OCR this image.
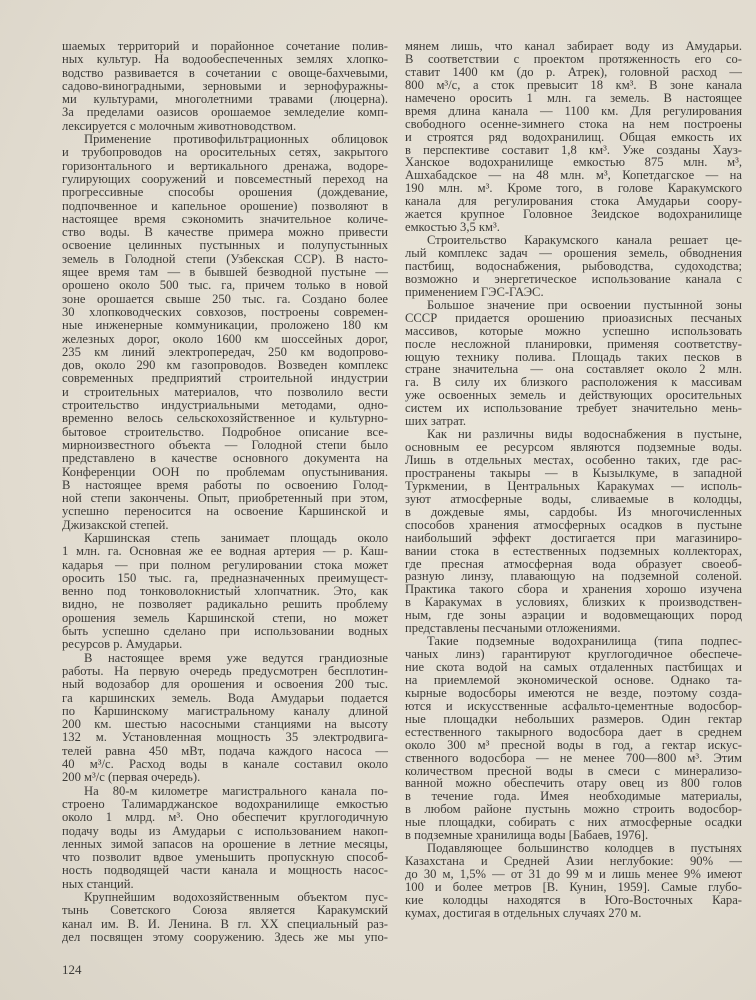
шаемых территорий и порайонное сочетание полив-
ных культур. На водообеспеченных землях хлопко-
водство развивается в сочетании с овоще-бахчевыми,
садово-виноградными, зерновыми и зернофуражны-
ми культурами, многолетними травами (люцерна).
За пределами оазисов орошаемое земледелие комп-
лексируется с молочным животноводством.
Применение противофильтрационных облицовок
и трубопроводов на оросительных сетях, закрытого
горизонтального и вертикального дренажа, водоре-
гулирующих сооружений и повсеместный переход на
прогрессивные способы орошения (дождевание,
подпочвенное и капельное орошение) позволяют в
настоящее время сэкономить значительное количе-
ство воды. В качестве примера можно привести
освоение целинных пустынных и полупустынных
земель в Голодной степи (Узбекская ССР). В насто-
ящее время там — в бывшей безводной пустыне —
орошено около 500 тыс. га, причем только в новой
зоне орошается свыше 250 тыс. га. Создано более
30 хлопководческих совхозов, построены современ-
ные инженерные коммуникации, проложено 180 км
железных дорог, около 1600 км шоссейных дорог,
235 км линий электропередач, 250 км водопрово-
дов, около 290 км газопроводов. Возведен комплекс
современных предприятий строительной индустрии
и строительных материалов, что позволило вести
строительство индустриальными методами, одно-
временно велось сельскохозяйственное и культурно-
бытовое строительство. Подробное описание все-
мирноизвестного объекта — Голодной степи было
представлено в качестве основного документа на
Конференции ООН по проблемам опустынивания.
В настоящее время работы по освоению Голод-
ной степи закончены. Опыт, приобретенный при этом,
успешно переносится на освоение Каршинской и
Джизакской степей.
Каршинская степь занимает площадь около
1 млн. га. Основная же ее водная артерия — р. Каш-
кадарья — при полном регулировании стока может
оросить 150 тыс. га, предназначенных преимущест-
венно под тонковолокнистый хлопчатник. Это, как
видно, не позволяет радикально решить проблему
орошения земель Каршинской степи, но может
быть успешно сделано при использовании водных
ресурсов р. Амударьи.
В настоящее время уже ведутся грандиозные
работы. На первую очередь предусмотрен бесплотин-
ный водозабор для орошения и освоения 200 тыс.
га каршинских земель. Вода Амударьи подается
по Каршинскому магистральному каналу длиной
200 км. шестью насосными станциями на высоту
132 м. Установленная мощность 35 электродвига-
телей равна 450 мВт, подача каждого насоса —
40 м³/с. Расход воды в канале составил около
200 м³/с (первая очередь).
На 80-м километре магистрального канала по-
строено Талимарджанское водохранилище емкостью
около 1 млрд. м³. Оно обеспечит круглогодичную
подачу воды из Амударьи с использованием накоп-
ленных зимой запасов на орошение в летние месяцы,
что позволит вдвое уменьшить пропускную способ-
ность подводящей части канала и мощность насос-
ных станций.
Крупнейшим водохозяйственным объектом пус-
тынь Советского Союза является Каракумский
канал им. В. И. Ленина. В гл. XX специальный раз-
дел посвящен этому сооружению. Здесь же мы упо-
мянем лишь, что канал забирает воду из Амударьи.
В соответствии с проектом протяженность его со-
ставит 1400 км (до р. Атрек), головной расход —
800 м³/с, а сток превысит 18 км³. В зоне канала
намечено оросить 1 млн. га земель. В настоящее
время длина канала — 1100 км. Для регулирования
свободного осенне-зимнего стока на нем построены
и строятся ряд водохранилищ. Общая емкость их
в перспективе составит 1,8 км³. Уже созданы Хауз-
Ханское водохранилище емкостью 875 млн. м³,
Ашхабадское — на 48 млн. м³, Копетдагское — на
190 млн. м³. Кроме того, в голове Каракумского
канала для регулирования стока Амударьи соору-
жается крупное Головное Зеидское водохранилище
емкостью 3,5 км³.
Строительство Каракумского канала решает це-
лый комплекс задач — орошения земель, обводнения
пастбищ, водоснабжения, рыбоводства, судоходства;
возможно и энергетическое использование канала с
применением ГЭС-ГАЭС.
Большое значение при освоении пустынной зоны
СССР придается орошению приоазисных песчаных
массивов, которые можно успешно использовать
после несложной планировки, применяя соответству-
ющую технику полива. Площадь таких песков в
стране значительна — она составляет около 2 млн.
га. В силу их близкого расположения к массивам
уже освоенных земель и действующих оросительных
систем их использование требует значительно мень-
ших затрат.
Как ни различны виды водоснабжения в пустыне,
основным ее ресурсом являются подземные воды.
Лишь в отдельных местах, особенно таких, где рас-
пространены такыры — в Кызылкуме, в западной
Туркмении, в Центральных Каракумах — исполь-
зуют атмосферные воды, сливаемые в колодцы,
в дождевые ямы, сардобы. Из многочисленных
способов хранения атмосферных осадков в пустыне
наибольший эффект достигается при магазиниро-
вании стока в естественных подземных коллекторах,
где пресная атмосферная вода образует своеоб-
разную линзу, плавающую на подземной соленой.
Практика такого сбора и хранения хорошо изучена
в Каракумах в условиях, близких к производствен-
ным, где зоны аэрации и водовмещающих пород
представлены песчаными отложениями.
Такие подземные водохранилища (типа подпес-
чаных линз) гарантируют круглогодичное обеспече-
ние скота водой на самых отдаленных пастбищах и
на приемлемой экономической основе. Однако та-
кырные водосборы имеются не везде, поэтому созда-
ются и искусственные асфальто-цементные водосбор-
ные площадки небольших размеров. Один гектар
естественного такырного водосбора дает в среднем
около 300 м³ пресной воды в год, а гектар искус-
ственного водосбора — не менее 700—800 м³. Этим
количеством пресной воды в смеси с минерализо-
ванной можно обеспечить отару овец из 800 голов
в течение года. Имея необходимые материалы,
в любом районе пустынь можно строить водосбор-
ные площадки, собирать с них атмосферные осадки
в подземные хранилища воды [Бабаев, 1976].
Подавляющее большинство колодцев в пустынях
Казахстана и Средней Азии неглубокие: 90% —
до 30 м, 1,5% — от 31 до 99 м и лишь менее 9% имеют
100 и более метров [В. Кунин, 1959]. Самые глубо-
кие колодцы находятся в Юго-Восточных Кара-
кумах, достигая в отдельных случаях 270 м.
124
